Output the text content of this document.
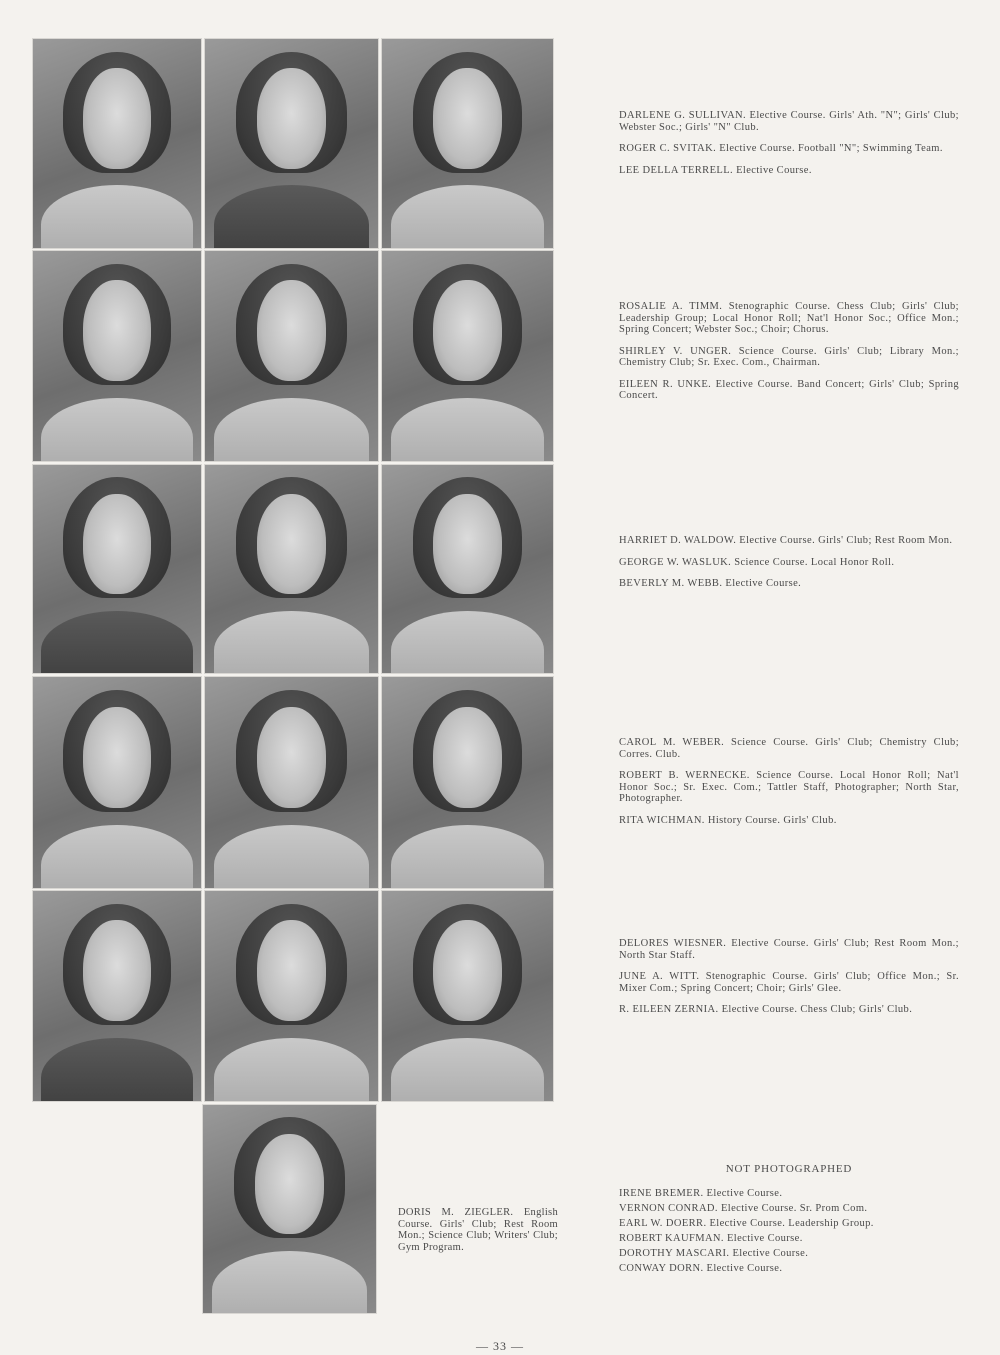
DARLENE G. SULLIVAN. Elective Course. Girls' Ath. "N"; Girls' Club; Webster Soc.; Girls' "N" Club.
ROGER C. SVITAK. Elective Course. Football "N"; Swimming Team.
LEE DELLA TERRELL. Elective Course.
ROSALIE A. TIMM. Stenographic Course. Chess Club; Girls' Club; Leadership Group; Local Honor Roll; Nat'l Honor Soc.; Office Mon.; Spring Concert; Webster Soc.; Choir; Chorus.
SHIRLEY V. UNGER. Science Course. Girls' Club; Library Mon.; Chemistry Club; Sr. Exec. Com., Chairman.
EILEEN R. UNKE. Elective Course. Band Concert; Girls' Club; Spring Concert.
HARRIET D. WALDOW. Elective Course. Girls' Club; Rest Room Mon.
GEORGE W. WASLUK. Science Course. Local Honor Roll.
BEVERLY M. WEBB. Elective Course.
CAROL M. WEBER. Science Course. Girls' Club; Chemistry Club; Corres. Club.
ROBERT B. WERNECKE. Science Course. Local Honor Roll; Nat'l Honor Soc.; Sr. Exec. Com.; Tattler Staff, Photographer; North Star, Photographer.
RITA WICHMAN. History Course. Girls' Club.
DELORES WIESNER. Elective Course. Girls' Club; Rest Room Mon.; North Star Staff.
JUNE A. WITT. Stenographic Course. Girls' Club; Office Mon.; Sr. Mixer Com.; Spring Concert; Choir; Girls' Glee.
R. EILEEN ZERNIA. Elective Course. Chess Club; Girls' Club.
DORIS M. ZIEGLER. English Course. Girls' Club; Rest Room Mon.; Science Club; Writers' Club; Gym Program.
NOT PHOTOGRAPHED
IRENE BREMER. Elective Course.
VERNON CONRAD. Elective Course. Sr. Prom Com.
EARL W. DOERR. Elective Course. Leadership Group.
ROBERT KAUFMAN. Elective Course.
DOROTHY MASCARI. Elective Course.
CONWAY DORN. Elective Course.
— 33 —
